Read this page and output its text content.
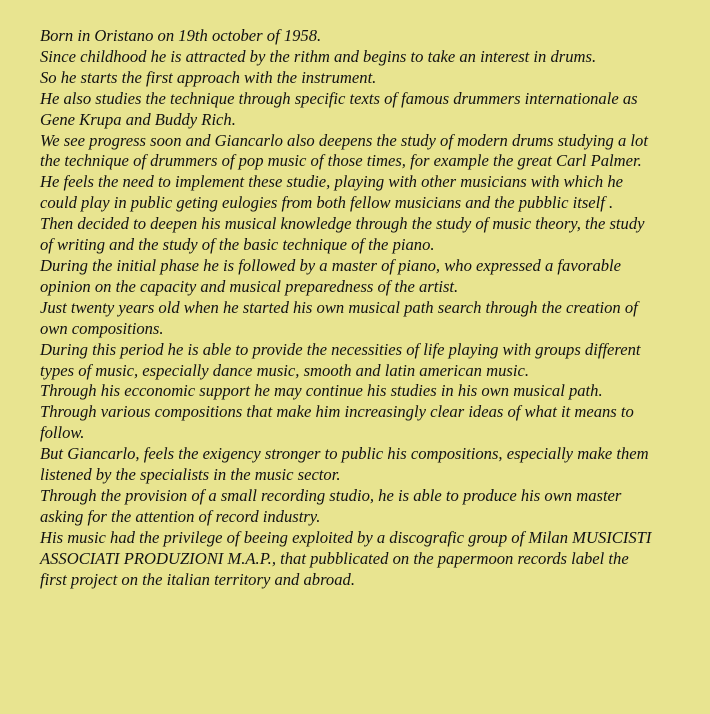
Born in Oristano on 19th october of 1958.
Since childhood he is attracted by the rithm and begins to take an interest in drums.
So he starts the first approach with the instrument.
He also studies the technique through specific texts of famous drummers internationale as
Gene Krupa and Buddy Rich.
We see progress soon and Giancarlo also deepens the study of modern drums studying a lot
the technique of drummers of pop music of those times, for example the great Carl Palmer.
He feels the need to implement these studie, playing with other musicians with which he
could play in public geting eulogies from both fellow musicians and the pubblic itself .
Then decided to deepen his musical knowledge through the study of music theory, the study
of writing and the study of the basic technique of the piano.
During the initial phase he is followed by a master of piano, who expressed a favorable
opinion on the capacity and musical preparedness of the artist.
Just twenty years old when he started his own musical path search through the creation of
own compositions.
During this period he is able to provide the necessities of life playing with groups different
types of music, especially dance music, smooth and latin american music.
Through his ecconomic support he may continue his studies in his own musical path.
Through various compositions that make him increasingly clear ideas of what it means to
follow.
But Giancarlo, feels the exigency stronger to public his compositions, especially make them
listened by the specialists in the music sector.
Through the provision of a small recording studio, he is able to produce his own master
asking for the attention of record industry.
His music had the privilege of beeing exploited by a discografic group of Milan MUSICISTI
ASSOCIATI PRODUZIONI M.A.P., that pubblicated on the papermoon records label the
first project on the italian territory and abroad.
